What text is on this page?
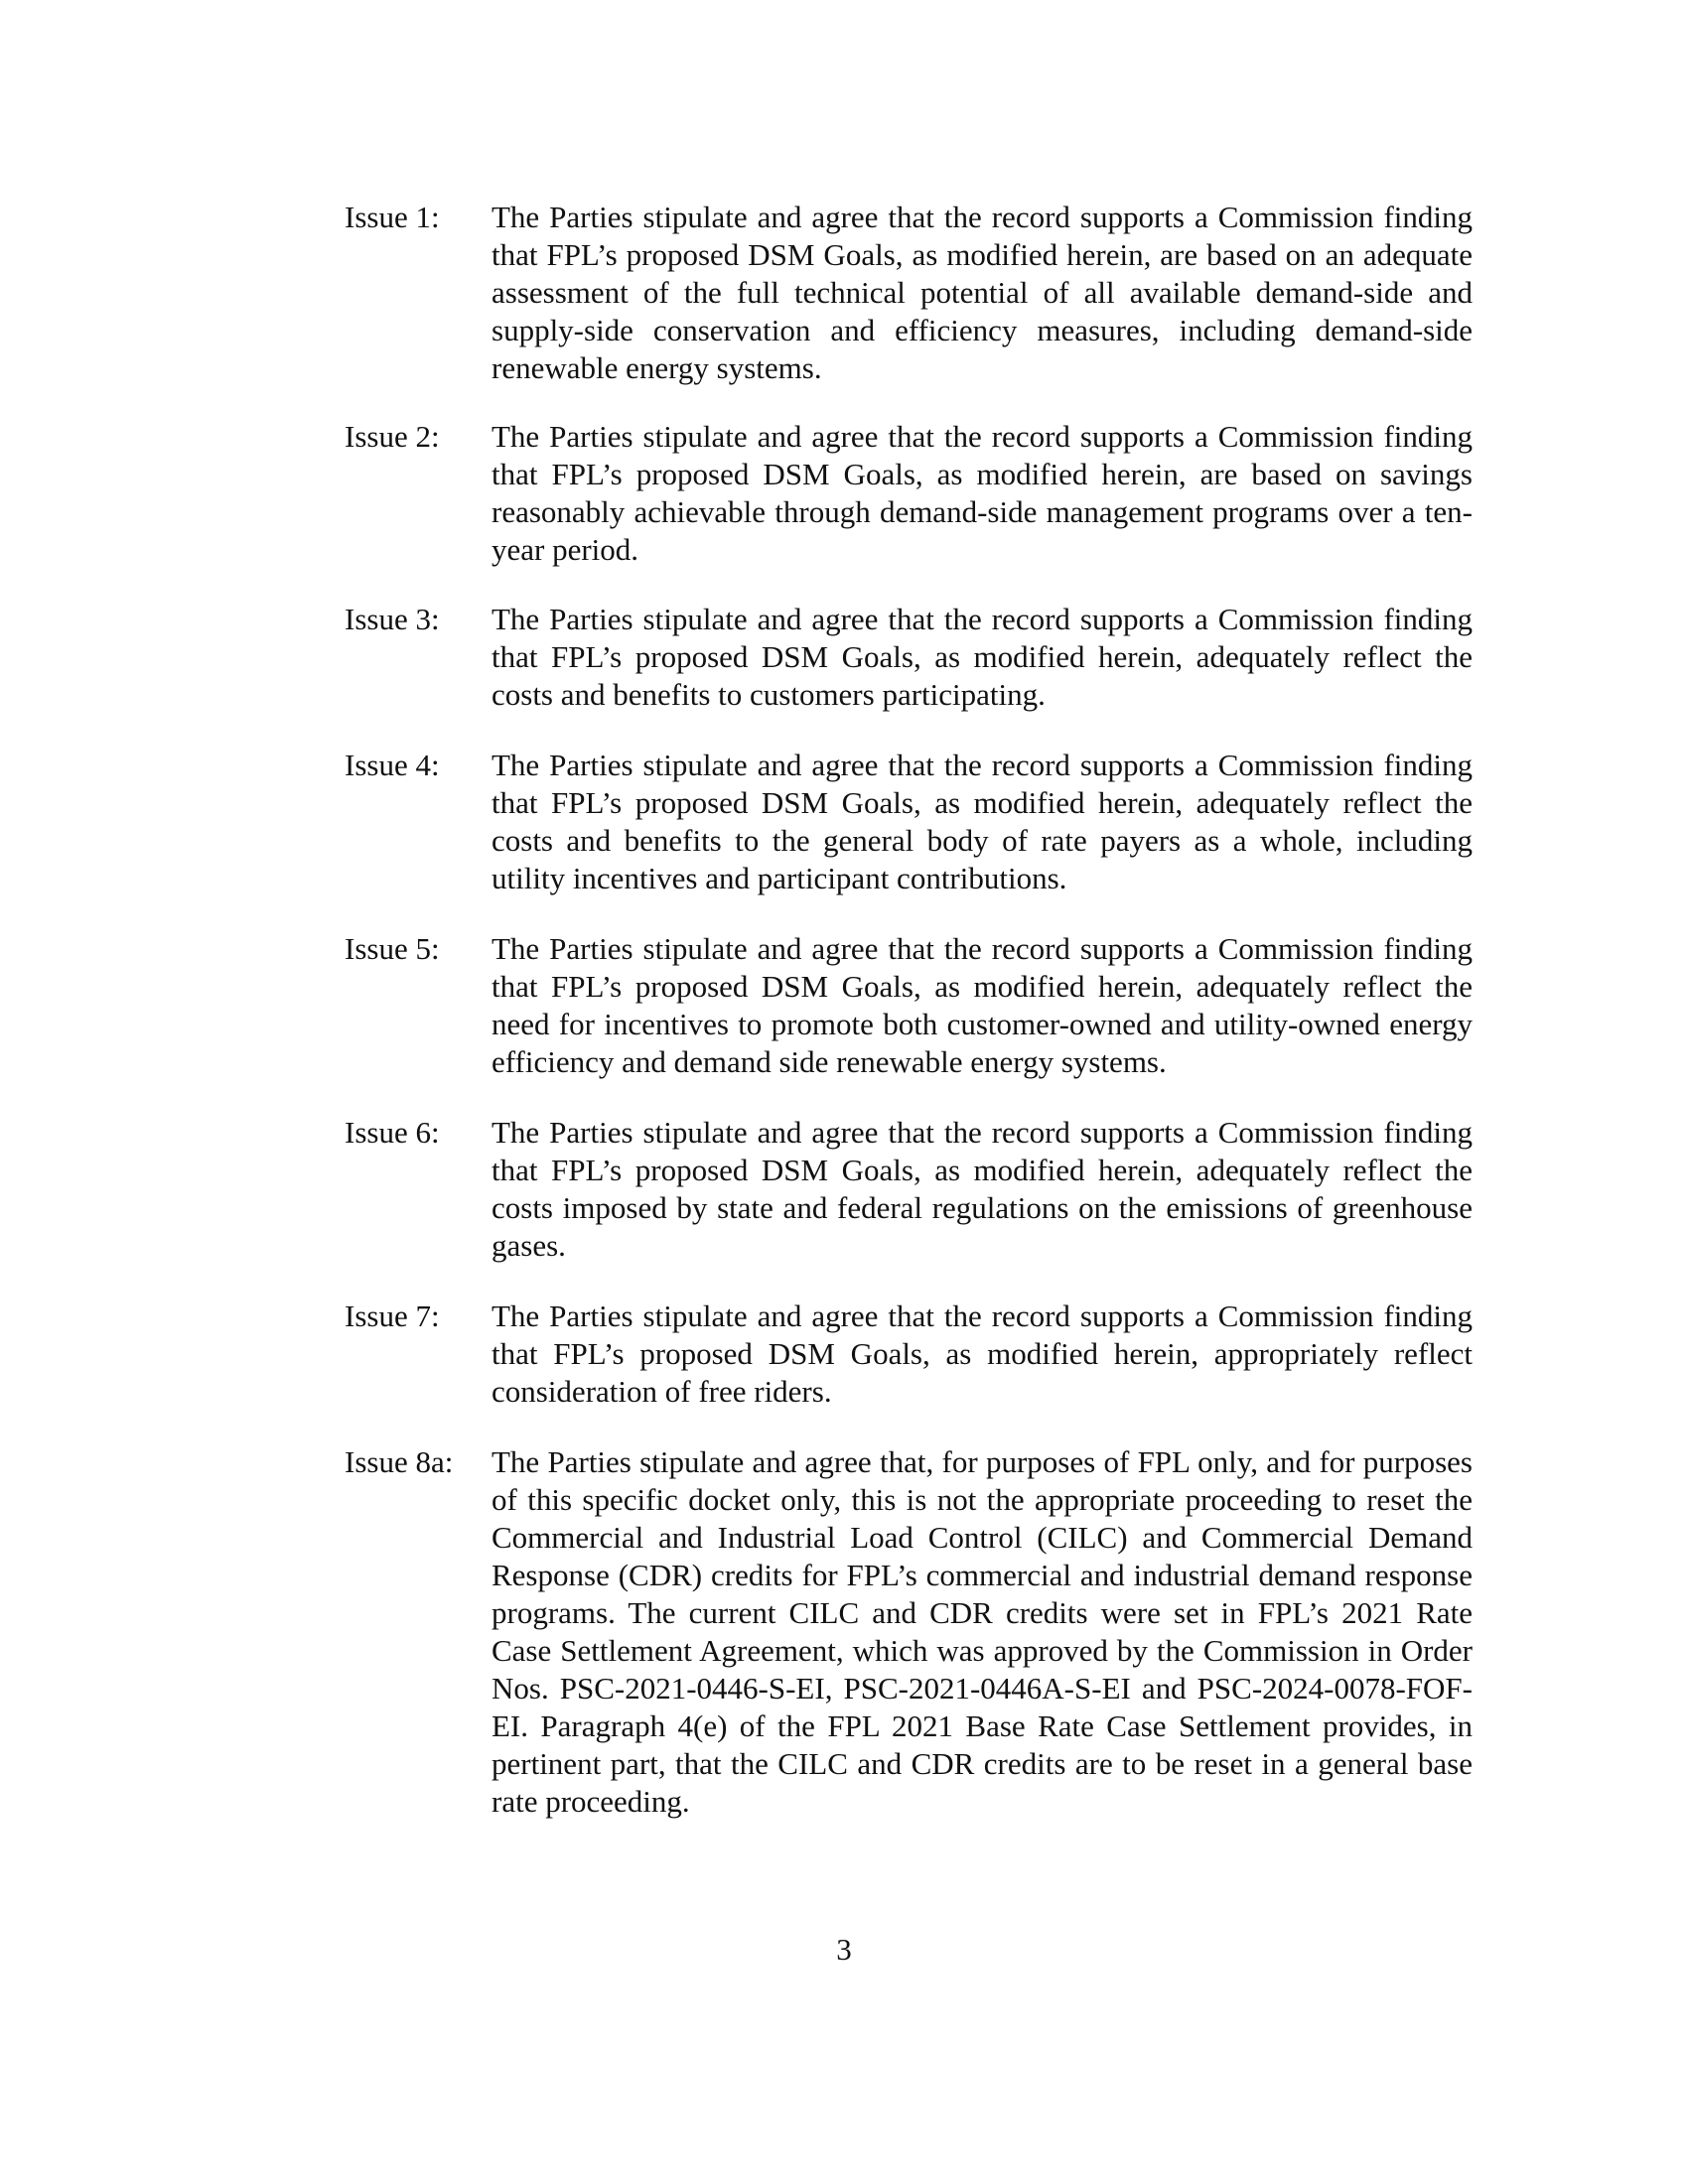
Issue 1:	The Parties stipulate and agree that the record supports a Commission finding that FPL’s proposed DSM Goals, as modified herein, are based on an adequate assessment of the full technical potential of all available demand-side and supply-side conservation and efficiency measures, including demand-side renewable energy systems.
Issue 2:	The Parties stipulate and agree that the record supports a Commission finding that FPL’s proposed DSM Goals, as modified herein, are based on savings reasonably achievable through demand-side management programs over a ten-year period.
Issue 3:	The Parties stipulate and agree that the record supports a Commission finding that FPL’s proposed DSM Goals, as modified herein, adequately reflect the costs and benefits to customers participating.
Issue 4:	The Parties stipulate and agree that the record supports a Commission finding that FPL’s proposed DSM Goals, as modified herein, adequately reflect the costs and benefits to the general body of rate payers as a whole, including utility incentives and participant contributions.
Issue 5:	The Parties stipulate and agree that the record supports a Commission finding that FPL’s proposed DSM Goals, as modified herein, adequately reflect the need for incentives to promote both customer-owned and utility-owned energy efficiency and demand side renewable energy systems.
Issue 6:	The Parties stipulate and agree that the record supports a Commission finding that FPL’s proposed DSM Goals, as modified herein, adequately reflect the costs imposed by state and federal regulations on the emissions of greenhouse gases.
Issue 7:	The Parties stipulate and agree that the record supports a Commission finding that FPL’s proposed DSM Goals, as modified herein, appropriately reflect consideration of free riders.
Issue 8a:	The Parties stipulate and agree that, for purposes of FPL only, and for purposes of this specific docket only, this is not the appropriate proceeding to reset the Commercial and Industrial Load Control (CILC) and Commercial Demand Response (CDR) credits for FPL’s commercial and industrial demand response programs. The current CILC and CDR credits were set in FPL’s 2021 Rate Case Settlement Agreement, which was approved by the Commission in Order Nos. PSC-2021-0446-S-EI, PSC-2021-0446A-S-EI and PSC-2024-0078-FOF-EI. Paragraph 4(e) of the FPL 2021 Base Rate Case Settlement provides, in pertinent part, that the CILC and CDR credits are to be reset in a general base rate proceeding.
3
